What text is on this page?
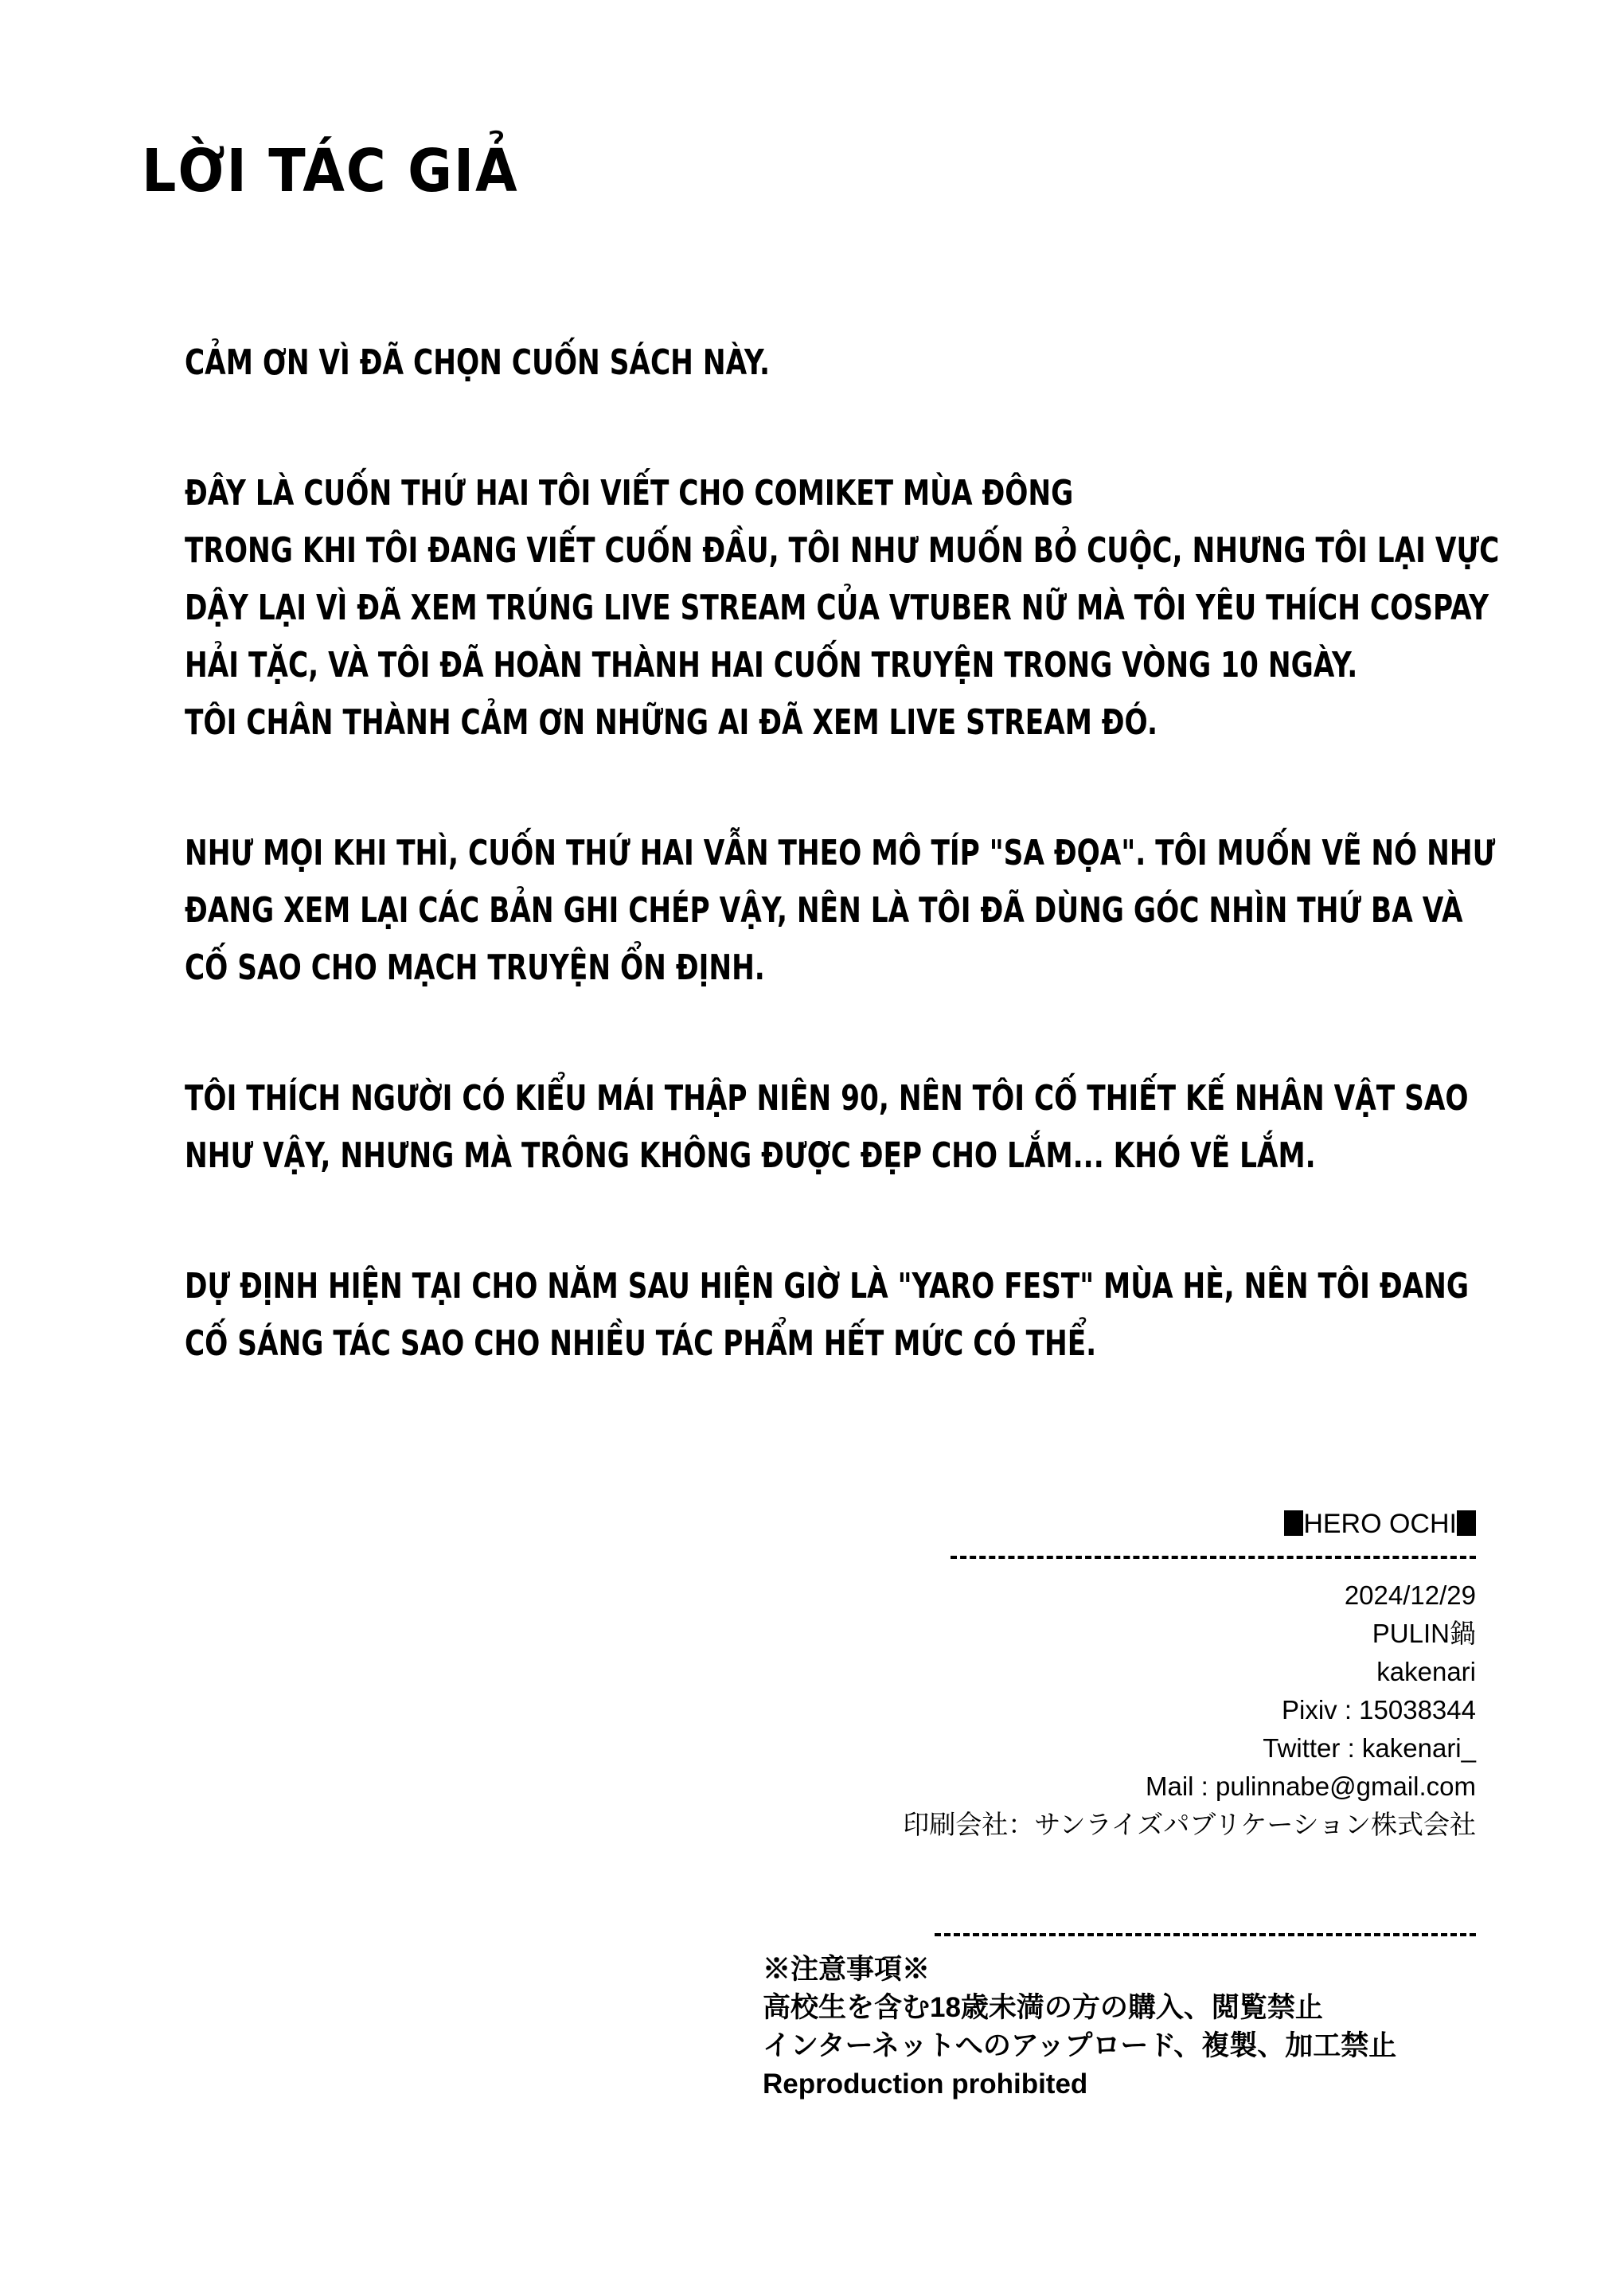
LỜI TÁC GIẢ
CẢM ƠN VÌ ĐÃ CHỌN CUỐN SÁCH NÀY.
ĐÂY LÀ CUỐN THỨ HAI TÔI VIẾT CHO COMIKET MÙA ĐÔNG
TRONG KHI TÔI ĐANG VIẾT CUỐN ĐẦU, TÔI NHƯ MUỐN BỎ CUỘC, NHƯNG TÔI LẠI VỰC
DẬY LẠI VÌ ĐÃ XEM TRÚNG LIVE STREAM CỦA VTUBER NỮ MÀ TÔI YÊU THÍCH COSPAY
HẢI TẶC, VÀ TÔI ĐÃ HOÀN THÀNH HAI CUỐN TRUYỆN TRONG VÒNG 10 NGÀY.
TÔI CHÂN THÀNH CẢM ƠN NHỮNG AI ĐÃ XEM LIVE STREAM ĐÓ.
NHƯ MỌI KHI THÌ, CUỐN THỨ HAI VẪN THEO MÔ TÍP "SA ĐỌA". TÔI MUỐN VẼ NÓ NHƯ
ĐANG XEM LẠI CÁC BẢN GHI CHÉP VẬY, NÊN LÀ TÔI ĐÃ DÙNG GÓC NHÌN THỨ BA VÀ
CỐ SAO CHO MẠCH TRUYỆN ỔN ĐỊNH.
TÔI THÍCH NGƯỜI CÓ KIỂU MÁI THẬP NIÊN 90, NÊN TÔI CỐ THIẾT KẾ NHÂN VẬT SAO
NHƯ VẬY, NHƯNG MÀ TRÔNG KHÔNG ĐƯỢC ĐẸP CHO LẮM... KHÓ VẼ LẮM.
DỰ ĐỊNH HIỆN TẠI CHO NĂM SAU HIỆN GIỜ LÀ "YARO FEST" MÙA HÈ, NÊN TÔI ĐANG
CỐ SÁNG TÁC SAO CHO NHIỀU TÁC PHẨM HẾT MỨC CÓ THỂ.
HERO OCHI
2024/12/29
PULIN鍋
kakenari
Pixiv : 15038344
Twitter : kakenari_
Mail : pulinnabe@gmail.com
印刷会社：サンライズパブリケーション株式会社
※注意事項※
高校生を含む18歳未満の方の購入、閲覧禁止
インターネットへのアップロード、複製、加工禁止
Reproduction prohibited
